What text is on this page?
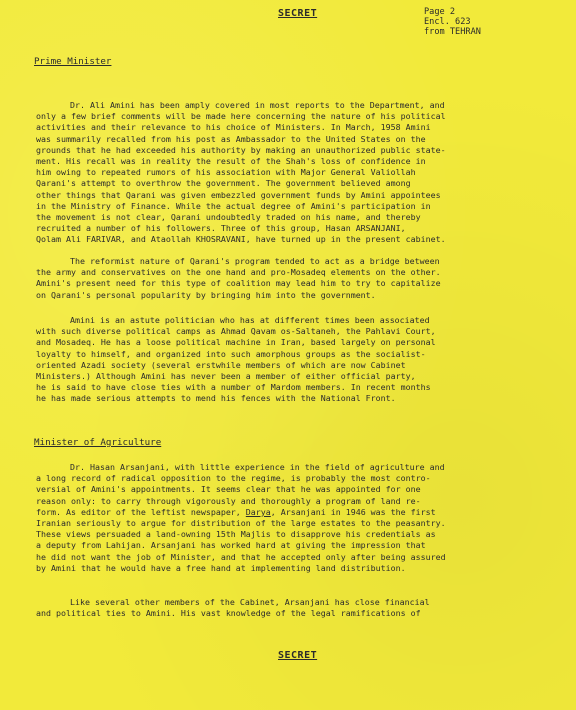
SECRET	Page 2
Encl. 623
from TEHRAN
Prime Minister
Dr. Ali Amini has been amply covered in most reports to the Department, and
only a few brief comments will be made here concerning the nature of his political
activities and their relevance to his choice of Ministers. In March, 1958 Amini
was summarily recalled from his post as Ambassador to the United States on the
grounds that he had exceeded his authority by making an unauthorized public state-
ment. His recall was in reality the result of the Shah's loss of confidence in
him owing to repeated rumors of his association with Major General Valiollah
Qarani's attempt to overthrow the government. The government believed among
other things that Qarani was given embezzled government funds by Amini appointees
in the Ministry of Finance. While the actual degree of Amini's participation in
the movement is not clear, Qarani undoubtedly traded on his name, and thereby
recruited a number of his followers. Three of this group, Hasan ARSANJANI,
Qolam Ali FARIVAR, and Ataollah KHOSRAVANI, have turned up in the present cabinet.
The reformist nature of Qarani's program tended to act as a bridge between
the army and conservatives on the one hand and pro-Mosadeq elements on the other.
Amini's present need for this type of coalition may lead him to try to capitalize
on Qarani's personal popularity by bringing him into the government.
Amini is an astute politician who has at different times been associated
with such diverse political camps as Ahmad Qavam os-Saltaneh, the Pahlavi Court,
and Mosadeq. He has a loose political machine in Iran, based largely on personal
loyalty to himself, and organized into such amorphous groups as the socialist-
oriented Azadi society (several erstwhile members of which are now Cabinet
Ministers.) Although Amini has never been a member of either official party,
he is said to have close ties with a number of Mardom members. In recent months
he has made serious attempts to mend his fences with the National Front.
Minister of Agriculture
Dr. Hasan Arsanjani, with little experience in the field of agriculture and
a long record of radical opposition to the regime, is probably the most contro-
versial of Amini's appointments. It seems clear that he was appointed for one
reason only: to carry through vigorously and thoroughly a program of land re-
form. As editor of the leftist newspaper, Darya, Arsanjani in 1946 was the first
Iranian seriously to argue for distribution of the large estates to the peasantry.
These views persuaded a land-owning 15th Majlis to disapprove his credentials as
a deputy from Lahijan. Arsanjani has worked hard at giving the impression that
he did not want the job of Minister, and that he accepted only after being assured
by Amini that he would have a free hand at implementing land distribution.
Like several other members of the Cabinet, Arsanjani has close financial
and political ties to Amini. His vast knowledge of the legal ramifications of
SECRET
